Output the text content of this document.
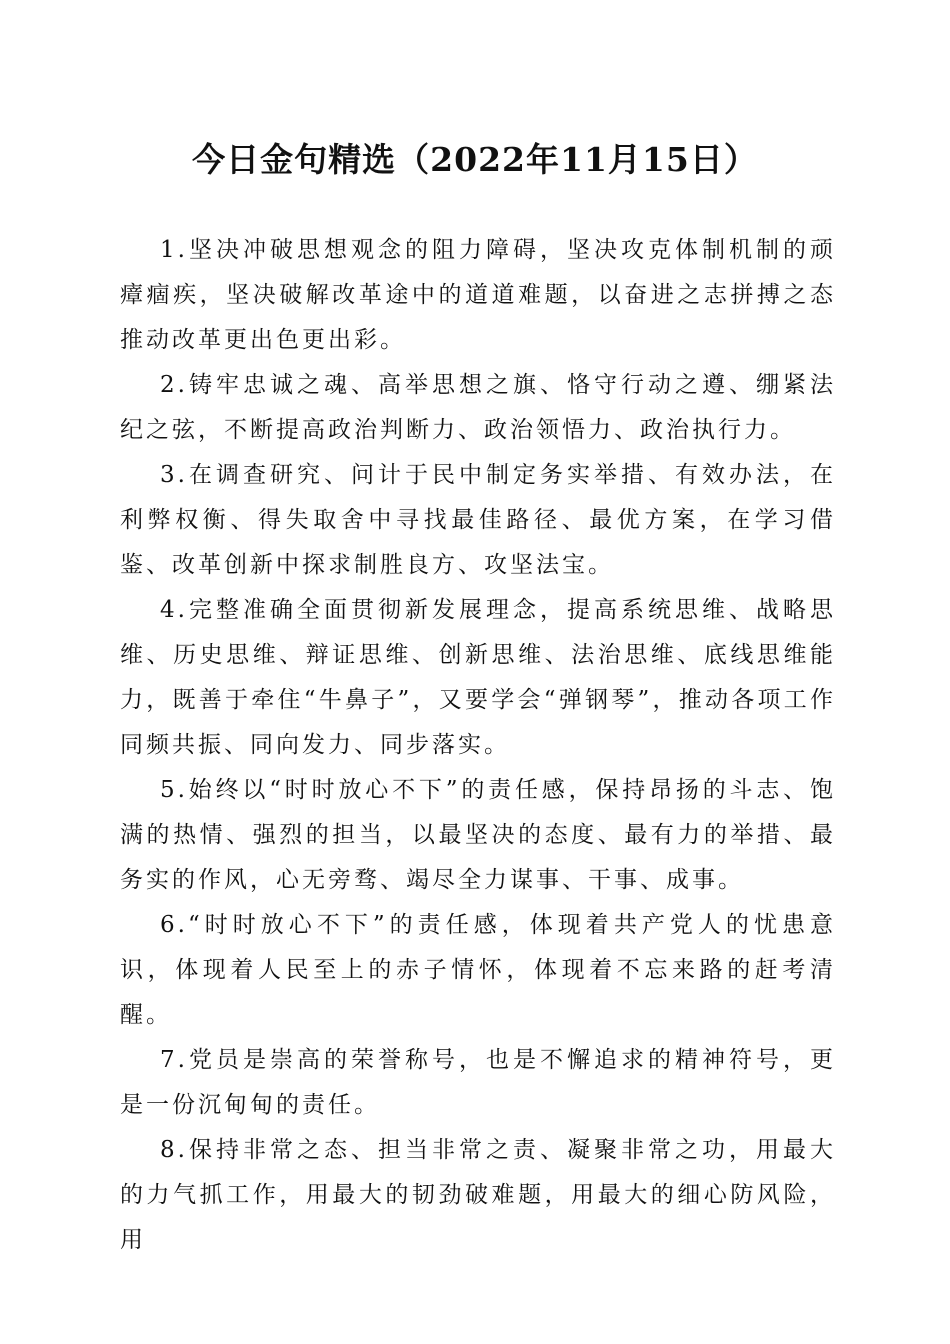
今日金句精选（2022年11月15日）

1.坚决冲破思想观念的阻力障碍，坚决攻克体制机制的顽瘴痼疾，坚决破解改革途中的道道难题，以奋进之志拼搏之态推动改革更出色更出彩。

2.铸牢忠诚之魂、高举思想之旗、恪守行动之遵、绷紧法纪之弦，不断提高政治判断力、政治领悟力、政治执行力。

3.在调查研究、问计于民中制定务实举措、有效办法，在利弊权衡、得失取舍中寻找最佳路径、最优方案，在学习借鉴、改革创新中探求制胜良方、攻坚法宝。

4.完整准确全面贯彻新发展理念，提高系统思维、战略思维、历史思维、辩证思维、创新思维、法治思维、底线思维能力，既善于牵住“牛鼻子”，又要学会“弹钢琴”，推动各项工作同频共振、同向发力、同步落实。

5.始终以“时时放心不下”的责任感，保持昂扬的斗志、饱满的热情、强烈的担当，以最坚决的态度、最有力的举措、最务实的作风，心无旁骛、竭尽全力谋事、干事、成事。

6.“时时放心不下”的责任感，体现着共产党人的忧患意识，体现着人民至上的赤子情怀，体现着不忘来路的赶考清醒。

7.党员是崇高的荣誉称号，也是不懈追求的精神符号，更是一份沉甸甸的责任。

8.保持非常之态、担当非常之责、凝聚非常之功，用最大的力气抓工作，用最大的韧劲破难题，用最大的细心防风险，用
